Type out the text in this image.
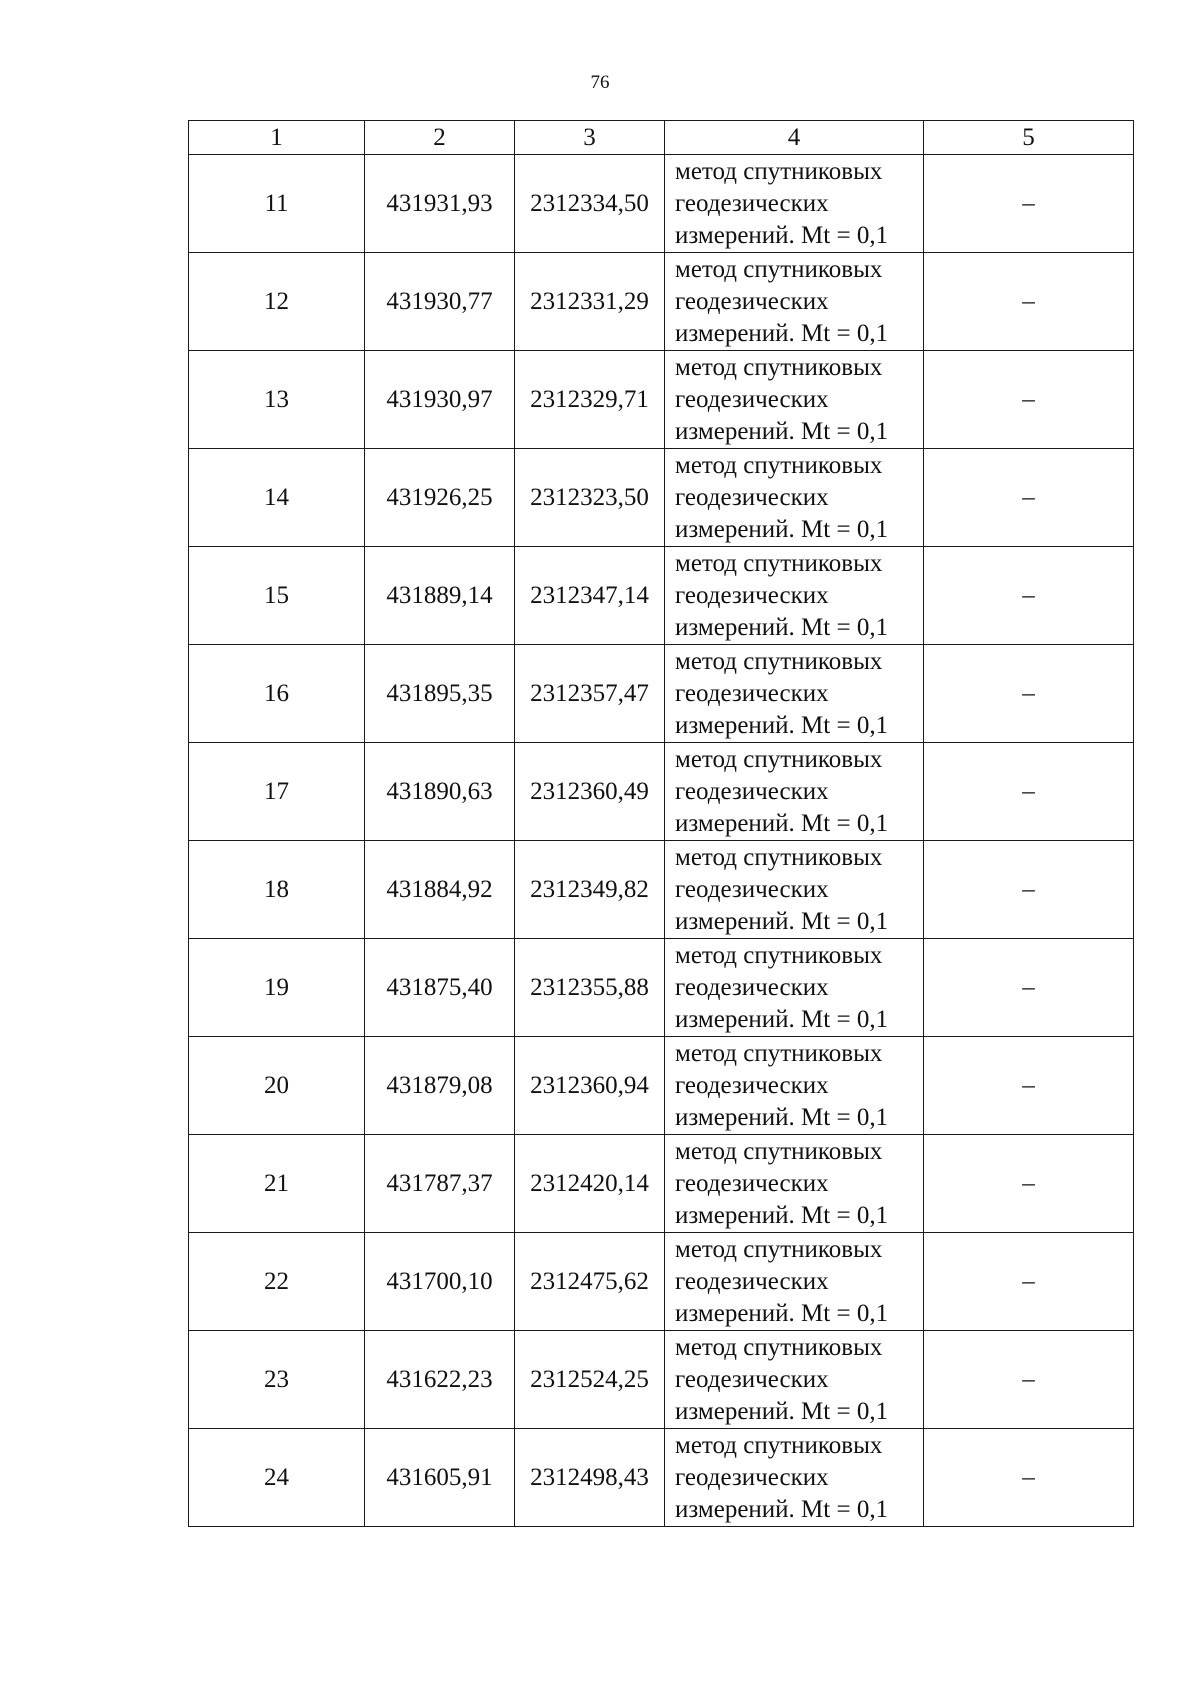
76
1	2	3	4	5
11	431931,93	2312334,50	метод спутниковых
геодезических
измерений. Mt = 0,1	–
12	431930,77	2312331,29	метод спутниковых
геодезических
измерений. Mt = 0,1	–
13	431930,97	2312329,71	метод спутниковых
геодезических
измерений. Mt = 0,1	–
14	431926,25	2312323,50	метод спутниковых
геодезических
измерений. Mt = 0,1	–
15	431889,14	2312347,14	метод спутниковых
геодезических
измерений. Mt = 0,1	–
16	431895,35	2312357,47	метод спутниковых
геодезических
измерений. Mt = 0,1	–
17	431890,63	2312360,49	метод спутниковых
геодезических
измерений. Mt = 0,1	–
18	431884,92	2312349,82	метод спутниковых
геодезических
измерений. Mt = 0,1	–
19	431875,40	2312355,88	метод спутниковых
геодезических
измерений. Mt = 0,1	–
20	431879,08	2312360,94	метод спутниковых
геодезических
измерений. Mt = 0,1	–
21	431787,37	2312420,14	метод спутниковых
геодезических
измерений. Mt = 0,1	–
22	431700,10	2312475,62	метод спутниковых
геодезических
измерений. Mt = 0,1	–
23	431622,23	2312524,25	метод спутниковых
геодезических
измерений. Mt = 0,1	–
24	431605,91	2312498,43	метод спутниковых
геодезических
измерений. Mt = 0,1	–
